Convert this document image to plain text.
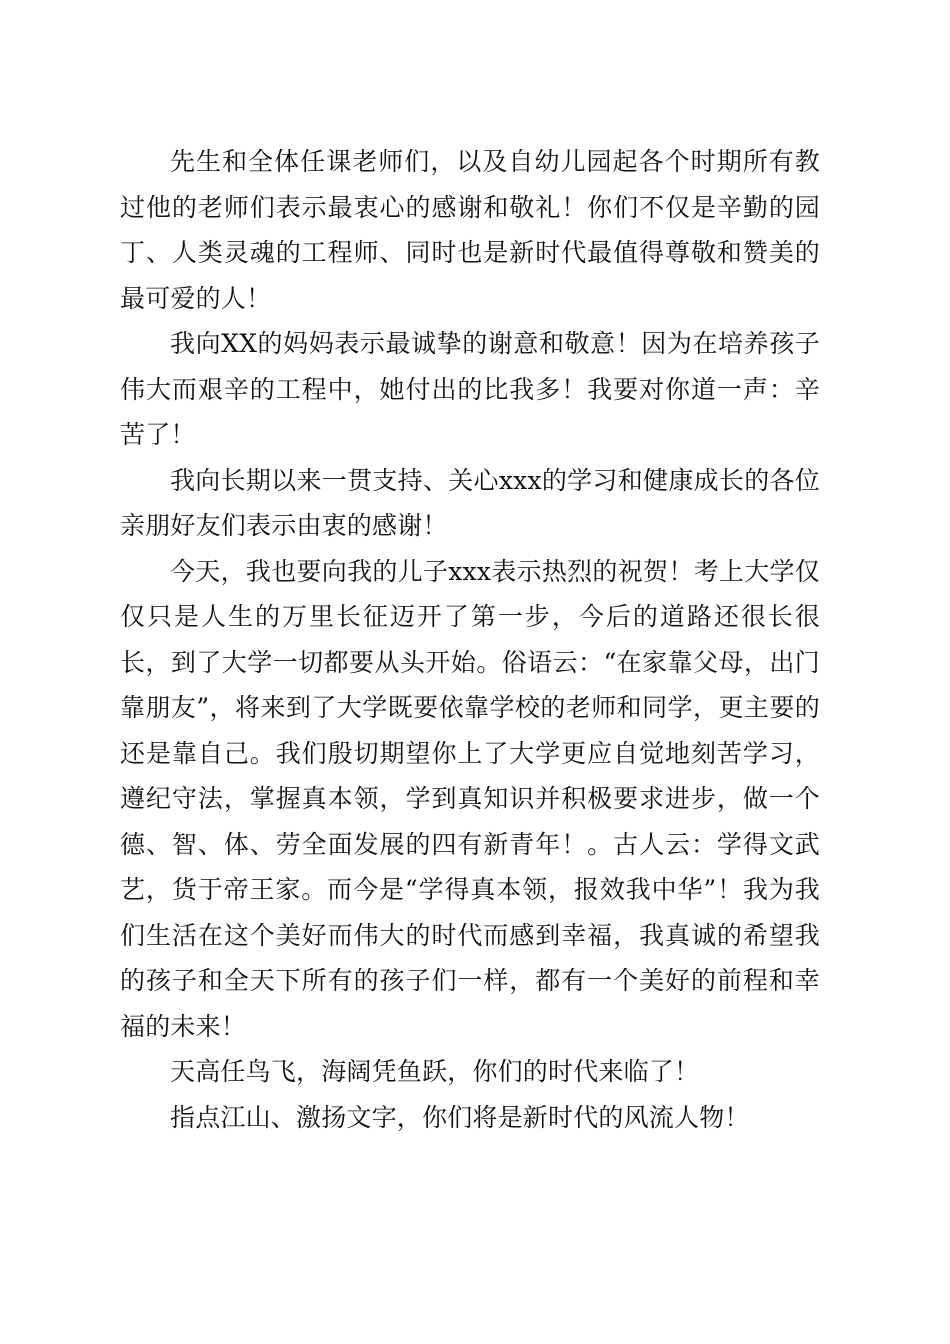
先生和全体任课老师们，以及自幼儿园起各个时期所有教过他的老师们表示最衷心的感谢和敬礼！你们不仅是辛勤的园丁、人类灵魂的工程师、同时也是新时代最值得尊敬和赞美的最可爱的人！

我向XX的妈妈表示最诚挚的谢意和敬意！因为在培养孩子伟大而艰辛的工程中，她付出的比我多！我要对你道一声：辛苦了！

我向长期以来一贯支持、关心xxx的学习和健康成长的各位亲朋好友们表示由衷的感谢！

今天，我也要向我的儿子xxx表示热烈的祝贺！考上大学仅仅只是人生的万里长征迈开了第一步，今后的道路还很长很长，到了大学一切都要从头开始。俗语云：“在家靠父母，出门靠朋友”，将来到了大学既要依靠学校的老师和同学，更主要的还是靠自己。我们殷切期望你上了大学更应自觉地刻苦学习，遵纪守法，掌握真本领，学到真知识并积极要求进步，做一个德、智、体、劳全面发展的四有新青年！。古人云：学得文武艺，货于帝王家。而今是“学得真本领，报效我中华”！我为我们生活在这个美好而伟大的时代而感到幸福，我真诚的希望我的孩子和全天下所有的孩子们一样，都有一个美好的前程和幸福的未来！

天高任鸟飞，海阔凭鱼跃，你们的时代来临了！

指点江山、激扬文字，你们将是新时代的风流人物！
